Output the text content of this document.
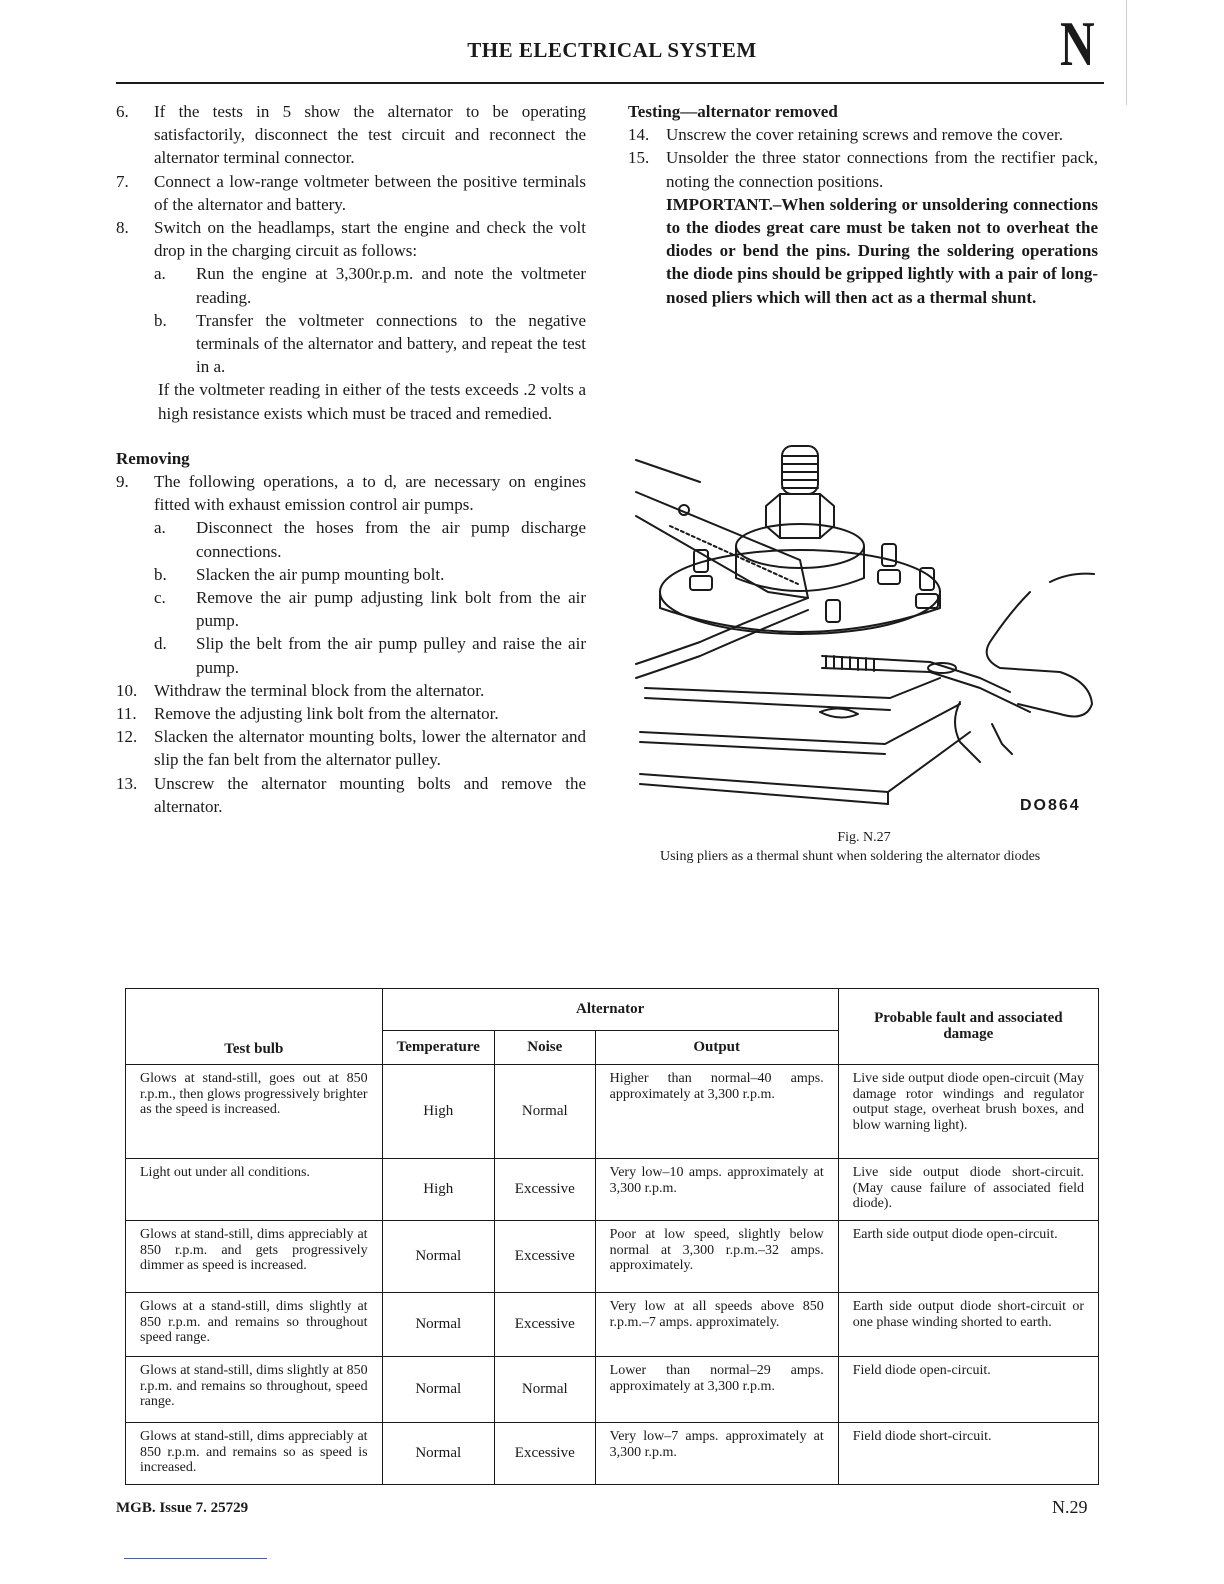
THE ELECTRICAL SYSTEM	N
6.	If the tests in 5 show the alternator to be operating satisfactorily, disconnect the test circuit and reconnect the alternator terminal connector.
7.	Connect a low-range voltmeter between the positive terminals of the alternator and battery.
8.	Switch on the headlamps, start the engine and check the volt drop in the charging circuit as follows:
a.	Run the engine at 3,300r.p.m. and note the voltmeter reading.
b.	Transfer the voltmeter connections to the negative terminals of the alternator and battery, and repeat the test in a.
If the voltmeter reading in either of the tests exceeds .2 volts a high resistance exists which must be traced and remedied.
Removing
9.	The following operations, a to d, are necessary on engines fitted with exhaust emission control air pumps.
a.	Disconnect the hoses from the air pump discharge connections.
b.	Slacken the air pump mounting bolt.
c.	Remove the air pump adjusting link bolt from the air pump.
d.	Slip the belt from the air pump pulley and raise the air pump.
10. Withdraw the terminal block from the alternator.
11.	Remove the adjusting link bolt from the alternator.
12. Slacken the alternator mounting bolts, lower the alternator and slip the fan belt from the alternator pulley.
13. Unscrew the alternator mounting bolts and remove the alternator.
Testing—alternator removed
14. Unscrew the cover retaining screws and remove the cover.
15. Unsolder the three stator connections from the rectifier pack, noting the connection positions.
IMPORTANT.–When soldering or unsoldering connections to the diodes great care must be taken not to overheat the diodes or bend the pins. During the soldering operations the diode pins should be gripped lightly with a pair of long-nosed pliers which will then act as a thermal shunt.
DO864
Fig. N.27
Using pliers as a thermal shunt when soldering the alternator diodes
Test bulb	Alternator			Probable fault and associated damage
	Temperature	Noise	Output	
Glows at stand-still, goes out at 850 r.p.m., then glows progressively brighter as the speed is increased.	High	Normal	Higher than normal–40 amps. approximately at 3,300 r.p.m.	Live side output diode open-circuit (May damage rotor windings and regulator output stage, overheat brush boxes, and blow warning light).
Light out under all conditions.	High	Excessive	Very low–10 amps. approximately at 3,300 r.p.m.	Live side output diode short-circuit. (May cause failure of associated field diode).
Glows at stand-still, dims appreciably at 850 r.p.m. and gets progressively dimmer as speed is increased.	Normal	Excessive	Poor at low speed, slightly below normal at 3,300 r.p.m.–32 amps. approximately.	Earth side output diode open-circuit.
Glows at a stand-still, dims slightly at 850 r.p.m. and remains so throughout speed range.	Normal	Excessive	Very low at all speeds above 850 r.p.m.–7 amps. approximately.	Earth side output diode short-circuit or one phase winding shorted to earth.
Glows at stand-still, dims slightly at 850 r.p.m. and remains so throughout, speed range.	Normal	Normal	Lower than normal–29 amps. approximately at 3,300 r.p.m.	Field diode open-circuit.
Glows at stand-still, dims appreciably at 850 r.p.m. and remains so as speed is increased.	Normal	Excessive	Very low–7 amps. approximately at 3,300 r.p.m.	Field diode short-circuit.
MGB. Issue 7. 25729	N.29
